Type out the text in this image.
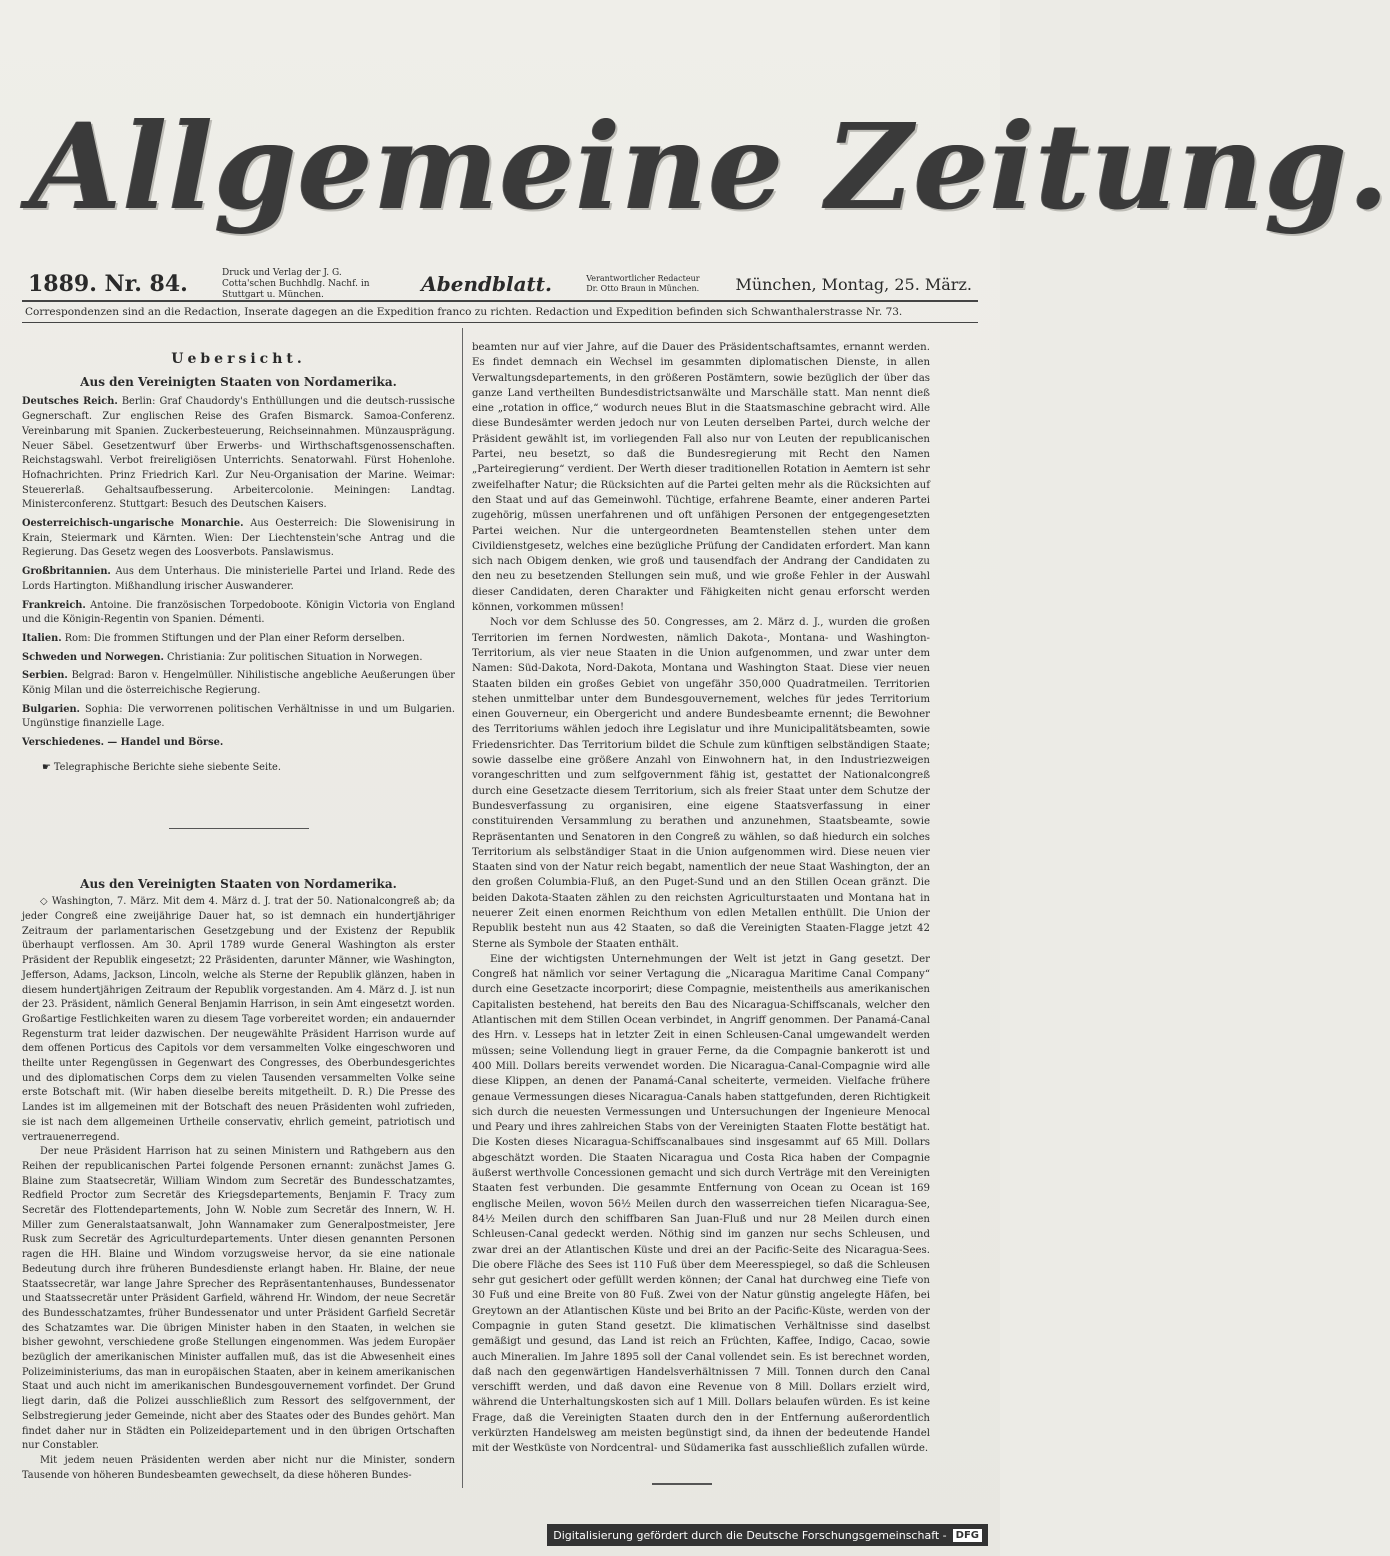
Allgemeine Zeitung.
1889. Nr. 84.	Druck und Verlag der J. G. Cotta'schen Buchhdlg. Nachf. in Stuttgart u. München.	Abendblatt.	Verantwortlicher Redacteur Dr. Otto Braun in München. München, Montag, 25. März.
Correspondenzen sind an die Redaction, Inserate dagegen an die Expedition franco zu richten. Redaction und Expedition befinden sich Schwanthalerstrasse Nr. 73.
Uebersicht.
Aus den Vereinigten Staaten von Nordamerika.
Deutsches Reich. Berlin: Graf Chaudordy's Enthüllungen und die deutsch-russische Gegnerschaft. Zur englischen Reise des Grafen Bismarck. Samoa-Conferenz. Vereinbarung mit Spanien. Zuckerbesteuerung, Reichseinnahmen. Münzausprägung. Neuer Säbel. Gesetzentwurf über Erwerbs- und Wirthschaftsgenossenschaften. Reichstagswahl. Verbot freireligiösen Unterrichts. Senatorwahl. Fürst Hohenlohe. Hofnachrichten. Prinz Friedrich Karl. Zur Neu-Organisation der Marine. Weimar: Steuererlaß. Gehaltsaufbesserung. Arbeitercolonie. Meiningen: Landtag. Ministerconferenz. Stuttgart: Besuch des Deutschen Kaisers.
Oesterreichisch-ungarische Monarchie. Aus Oesterreich: Die Slowenisirung in Krain, Steiermark und Kärnten. Wien: Der Liechtenstein'sche Antrag und die Regierung. Das Gesetz wegen des Loosverbots. Panslawismus.
Großbritannien. Aus dem Unterhaus. Die ministerielle Partei und Irland. Rede des Lords Hartington. Mißhandlung irischer Auswanderer.
Frankreich. Antoine. Die französischen Torpedoboote. Königin Victoria von England und die Königin-Regentin von Spanien. Démenti.
Italien. Rom: Die frommen Stiftungen und der Plan einer Reform derselben.
Schweden und Norwegen. Christiania: Zur politischen Situation in Norwegen.
Serbien. Belgrad: Baron v. Hengelmüller. Nihilistische angebliche Aeußerungen über König Milan und die österreichische Regierung.
Bulgarien. Sophia: Die verworrenen politischen Verhältnisse in und um Bulgarien. Ungünstige finanzielle Lage.
Verschiedenes. — Handel und Börse.
☛ Telegraphische Berichte siehe siebente Seite.
Aus den Vereinigten Staaten von Nordamerika.

◇ Washington, 7. März. Mit dem 4. März d. J. trat der 50. Nationalcongreß ab; da jeder Congreß eine zweijährige Dauer hat, so ist demnach ein hundertjähriger Zeitraum der parlamentarischen Gesetzgebung und der Existenz der Republik überhaupt verflossen. Am 30. April 1789 wurde General Washington als erster Präsident der Republik eingesetzt; 22 Präsidenten, darunter Männer, wie Washington, Jefferson, Adams, Jackson, Lincoln, welche als Sterne der Republik glänzen, haben in diesem hundertjährigen Zeitraum der Republik vorgestanden. Am 4. März d. J. ist nun der 23. Präsident, nämlich General Benjamin Harrison, in sein Amt eingesetzt worden. Großartige Festlichkeiten waren zu diesem Tage vorbereitet worden; ein andauernder Regensturm trat leider dazwischen. Der neugewählte Präsident Harrison wurde auf dem offenen Porticus des Capitols vor dem versammelten Volke eingeschworen und theilte unter Regengüssen in Gegenwart des Congresses, des Oberbundesgerichtes und des diplomatischen Corps dem zu vielen Tausenden versammelten Volke seine erste Botschaft mit. (Wir haben dieselbe bereits mitgetheilt. D. R.) Die Presse des Landes ist im allgemeinen mit der Botschaft des neuen Präsidenten wohl zufrieden, sie ist nach dem allgemeinen Urtheile conservativ, ehrlich gemeint, patriotisch und vertrauenerregend.

Der neue Präsident Harrison hat zu seinen Ministern und Rathgebern aus den Reihen der republicanischen Partei folgende Personen ernannt: zunächst James G. Blaine zum Staatsecretär, William Windom zum Secretär des Bundesschatzamtes, Redfield Proctor zum Secretär des Kriegsdepartements, Benjamin F. Tracy zum Secretär des Flottendepartements, John W. Noble zum Secretär des Innern, W. H. Miller zum Generalstaatsanwalt, John Wannamaker zum Generalpostmeister, Jere Rusk zum Secretär des Agriculturdepartements. Unter diesen genannten Personen ragen die HH. Blaine und Windom vorzugsweise hervor, da sie eine nationale Bedeutung durch ihre früheren Bundesdienste erlangt haben. Hr. Blaine, der neue Staatssecretär, war lange Jahre Sprecher des Repräsentantenhauses, Bundessenator und Staatssecretär unter Präsident Garfield, während Hr. Windom, der neue Secretär des Bundesschatzamtes, früher Bundessenator und unter Präsident Garfield Secretär des Schatzamtes war. Die übrigen Minister haben in den Staaten, in welchen sie bisher gewohnt, verschiedene große Stellungen eingenommen. Was jedem Europäer bezüglich der amerikanischen Minister auffallen muß, das ist die Abwesenheit eines Polizeiministeriums, das man in europäischen Staaten, aber in keinem amerikanischen Staat und auch nicht im amerikanischen Bundesgouvernement vorfindet. Der Grund liegt darin, daß die Polizei ausschließlich zum Ressort des selfgovernment, der Selbstregierung jeder Gemeinde, nicht aber des Staates oder des Bundes gehört. Man findet daher nur in Städten ein Polizeidepartement und in den übrigen Ortschaften nur Constabler.

Mit jedem neuen Präsidenten werden aber nicht nur die Minister, sondern Tausende von höheren Bundesbeamten gewechselt, da diese höheren Bundes-

beamten nur auf vier Jahre, auf die Dauer des Präsidentschaftsamtes, ernannt werden. Es findet demnach ein Wechsel im gesammten diplomatischen Dienste, in allen Verwaltungsdepartements, in den größeren Postämtern, sowie bezüglich der über das ganze Land vertheilten Bundesdistrictsanwälte und Marschälle statt. Man nennt dieß eine „rotation in office,“ wodurch neues Blut in die Staatsmaschine gebracht wird. Alle diese Bundesämter werden jedoch nur von Leuten derselben Partei, durch welche der Präsident gewählt ist, im vorliegenden Fall also nur von Leuten der republicanischen Partei, neu besetzt, so daß die Bundesregierung mit Recht den Namen „Parteiregierung“ verdient. Der Werth dieser traditionellen Rotation in Aemtern ist sehr zweifelhafter Natur; die Rücksichten auf die Partei gelten mehr als die Rücksichten auf den Staat und auf das Gemeinwohl. Tüchtige, erfahrene Beamte, einer anderen Partei zugehörig, müssen unerfahrenen und oft unfähigen Personen der entgegengesetzten Partei weichen. Nur die untergeordneten Beamtenstellen stehen unter dem Civildienstgesetz, welches eine bezügliche Prüfung der Candidaten erfordert. Man kann sich nach Obigem denken, wie groß und tausendfach der Andrang der Candidaten zu den neu zu besetzenden Stellungen sein muß, und wie große Fehler in der Auswahl dieser Candidaten, deren Charakter und Fähigkeiten nicht genau erforscht werden können, vorkommen müssen!

Noch vor dem Schlusse des 50. Congresses, am 2. März d. J., wurden die großen Territorien im fernen Nordwesten, nämlich Dakota-, Montana- und Washington-Territorium, als vier neue Staaten in die Union aufgenommen, und zwar unter dem Namen: Süd-Dakota, Nord-Dakota, Montana und Washington Staat. Diese vier neuen Staaten bilden ein großes Gebiet von ungefähr 350,000 Quadratmeilen. Territorien stehen unmittelbar unter dem Bundesgouvernement, welches für jedes Territorium einen Gouverneur, ein Obergericht und andere Bundesbeamte ernennt; die Bewohner des Territoriums wählen jedoch ihre Legislatur und ihre Municipalitätsbeamten, sowie Friedensrichter. Das Territorium bildet die Schule zum künftigen selbständigen Staate; sowie dasselbe eine größere Anzahl von Einwohnern hat, in den Industriezweigen vorangeschritten und zum selfgovernment fähig ist, gestattet der Nationalcongreß durch eine Gesetzacte diesem Territorium, sich als freier Staat unter dem Schutze der Bundesverfassung zu organisiren, eine eigene Staatsverfassung in einer constituirenden Versammlung zu berathen und anzunehmen, Staatsbeamte, sowie Repräsentanten und Senatoren in den Congreß zu wählen, so daß hiedurch ein solches Territorium als selbständiger Staat in die Union aufgenommen wird. Diese neuen vier Staaten sind von der Natur reich begabt, namentlich der neue Staat Washington, der an den großen Columbia-Fluß, an den Puget-Sund und an den Stillen Ocean gränzt. Die beiden Dakota-Staaten zählen zu den reichsten Agriculturstaaten und Montana hat in neuerer Zeit einen enormen Reichthum von edlen Metallen enthüllt. Die Union der Republik besteht nun aus 42 Staaten, so daß die Vereinigten Staaten-Flagge jetzt 42 Sterne als Symbole der Staaten enthält.

Eine der wichtigsten Unternehmungen der Welt ist jetzt in Gang gesetzt. Der Congreß hat nämlich vor seiner Vertagung die „Nicaragua Maritime Canal Company“ durch eine Gesetzacte incorporirt; diese Compagnie, meistentheils aus amerikanischen Capitalisten bestehend, hat bereits den Bau des Nicaragua-Schiffscanals, welcher den Atlantischen mit dem Stillen Ocean verbindet, in Angriff genommen. Der Panamá-Canal des Hrn. v. Lesseps hat in letzter Zeit in einen Schleusen-Canal umgewandelt werden müssen; seine Vollendung liegt in grauer Ferne, da die Compagnie bankerott ist und 400 Mill. Dollars bereits verwendet worden. Die Nicaragua-Canal-Compagnie wird alle diese Klippen, an denen der Panamá-Canal scheiterte, vermeiden. Vielfache frühere genaue Vermessungen dieses Nicaragua-Canals haben stattgefunden, deren Richtigkeit sich durch die neuesten Vermessungen und Untersuchungen der Ingenieure Menocal und Peary und ihres zahlreichen Stabs von der Vereinigten Staaten Flotte bestätigt hat. Die Kosten dieses Nicaragua-Schiffscanalbaues sind insgesammt auf 65 Mill. Dollars abgeschätzt worden. Die Staaten Nicaragua und Costa Rica haben der Compagnie äußerst werthvolle Concessionen gemacht und sich durch Verträge mit den Vereinigten Staaten fest verbunden. Die gesammte Entfernung von Ocean zu Ocean ist 169 englische Meilen, wovon 56½ Meilen durch den wasserreichen tiefen Nicaragua-See, 84½ Meilen durch den schiffbaren San Juan-Fluß und nur 28 Meilen durch einen Schleusen-Canal gedeckt werden. Nöthig sind im ganzen nur sechs Schleusen, und zwar drei an der Atlantischen Küste und drei an der Pacific-Seite des Nicaragua-Sees. Die obere Fläche des Sees ist 110 Fuß über dem Meeresspiegel, so daß die Schleusen sehr gut gesichert oder gefüllt werden können; der Canal hat durchweg eine Tiefe von 30 Fuß und eine Breite von 80 Fuß. Zwei von der Natur günstig angelegte Häfen, bei Greytown an der Atlantischen Küste und bei Brito an der Pacific-Küste, werden von der Compagnie in guten Stand gesetzt. Die klimatischen Verhältnisse sind daselbst gemäßigt und gesund, das Land ist reich an Früchten, Kaffee, Indigo, Cacao, sowie auch Mineralien. Im Jahre 1895 soll der Canal vollendet sein. Es ist berechnet worden, daß nach den gegenwärtigen Handelsverhältnissen 7 Mill. Tonnen durch den Canal verschifft werden, und daß davon eine Revenue von 8 Mill. Dollars erzielt wird, während die Unterhaltungskosten sich auf 1 Mill. Dollars belaufen würden. Es ist keine Frage, daß die Vereinigten Staaten durch den in der Entfernung außerordentlich verkürzten Handelsweg am meisten begünstigt sind, da ihnen der bedeutende Handel mit der Westküste von Nordcentral- und Südamerika fast ausschließlich zufallen würde.

Digitalisierung gefördert durch die Deutsche Forschungsgemeinschaft - DFG
